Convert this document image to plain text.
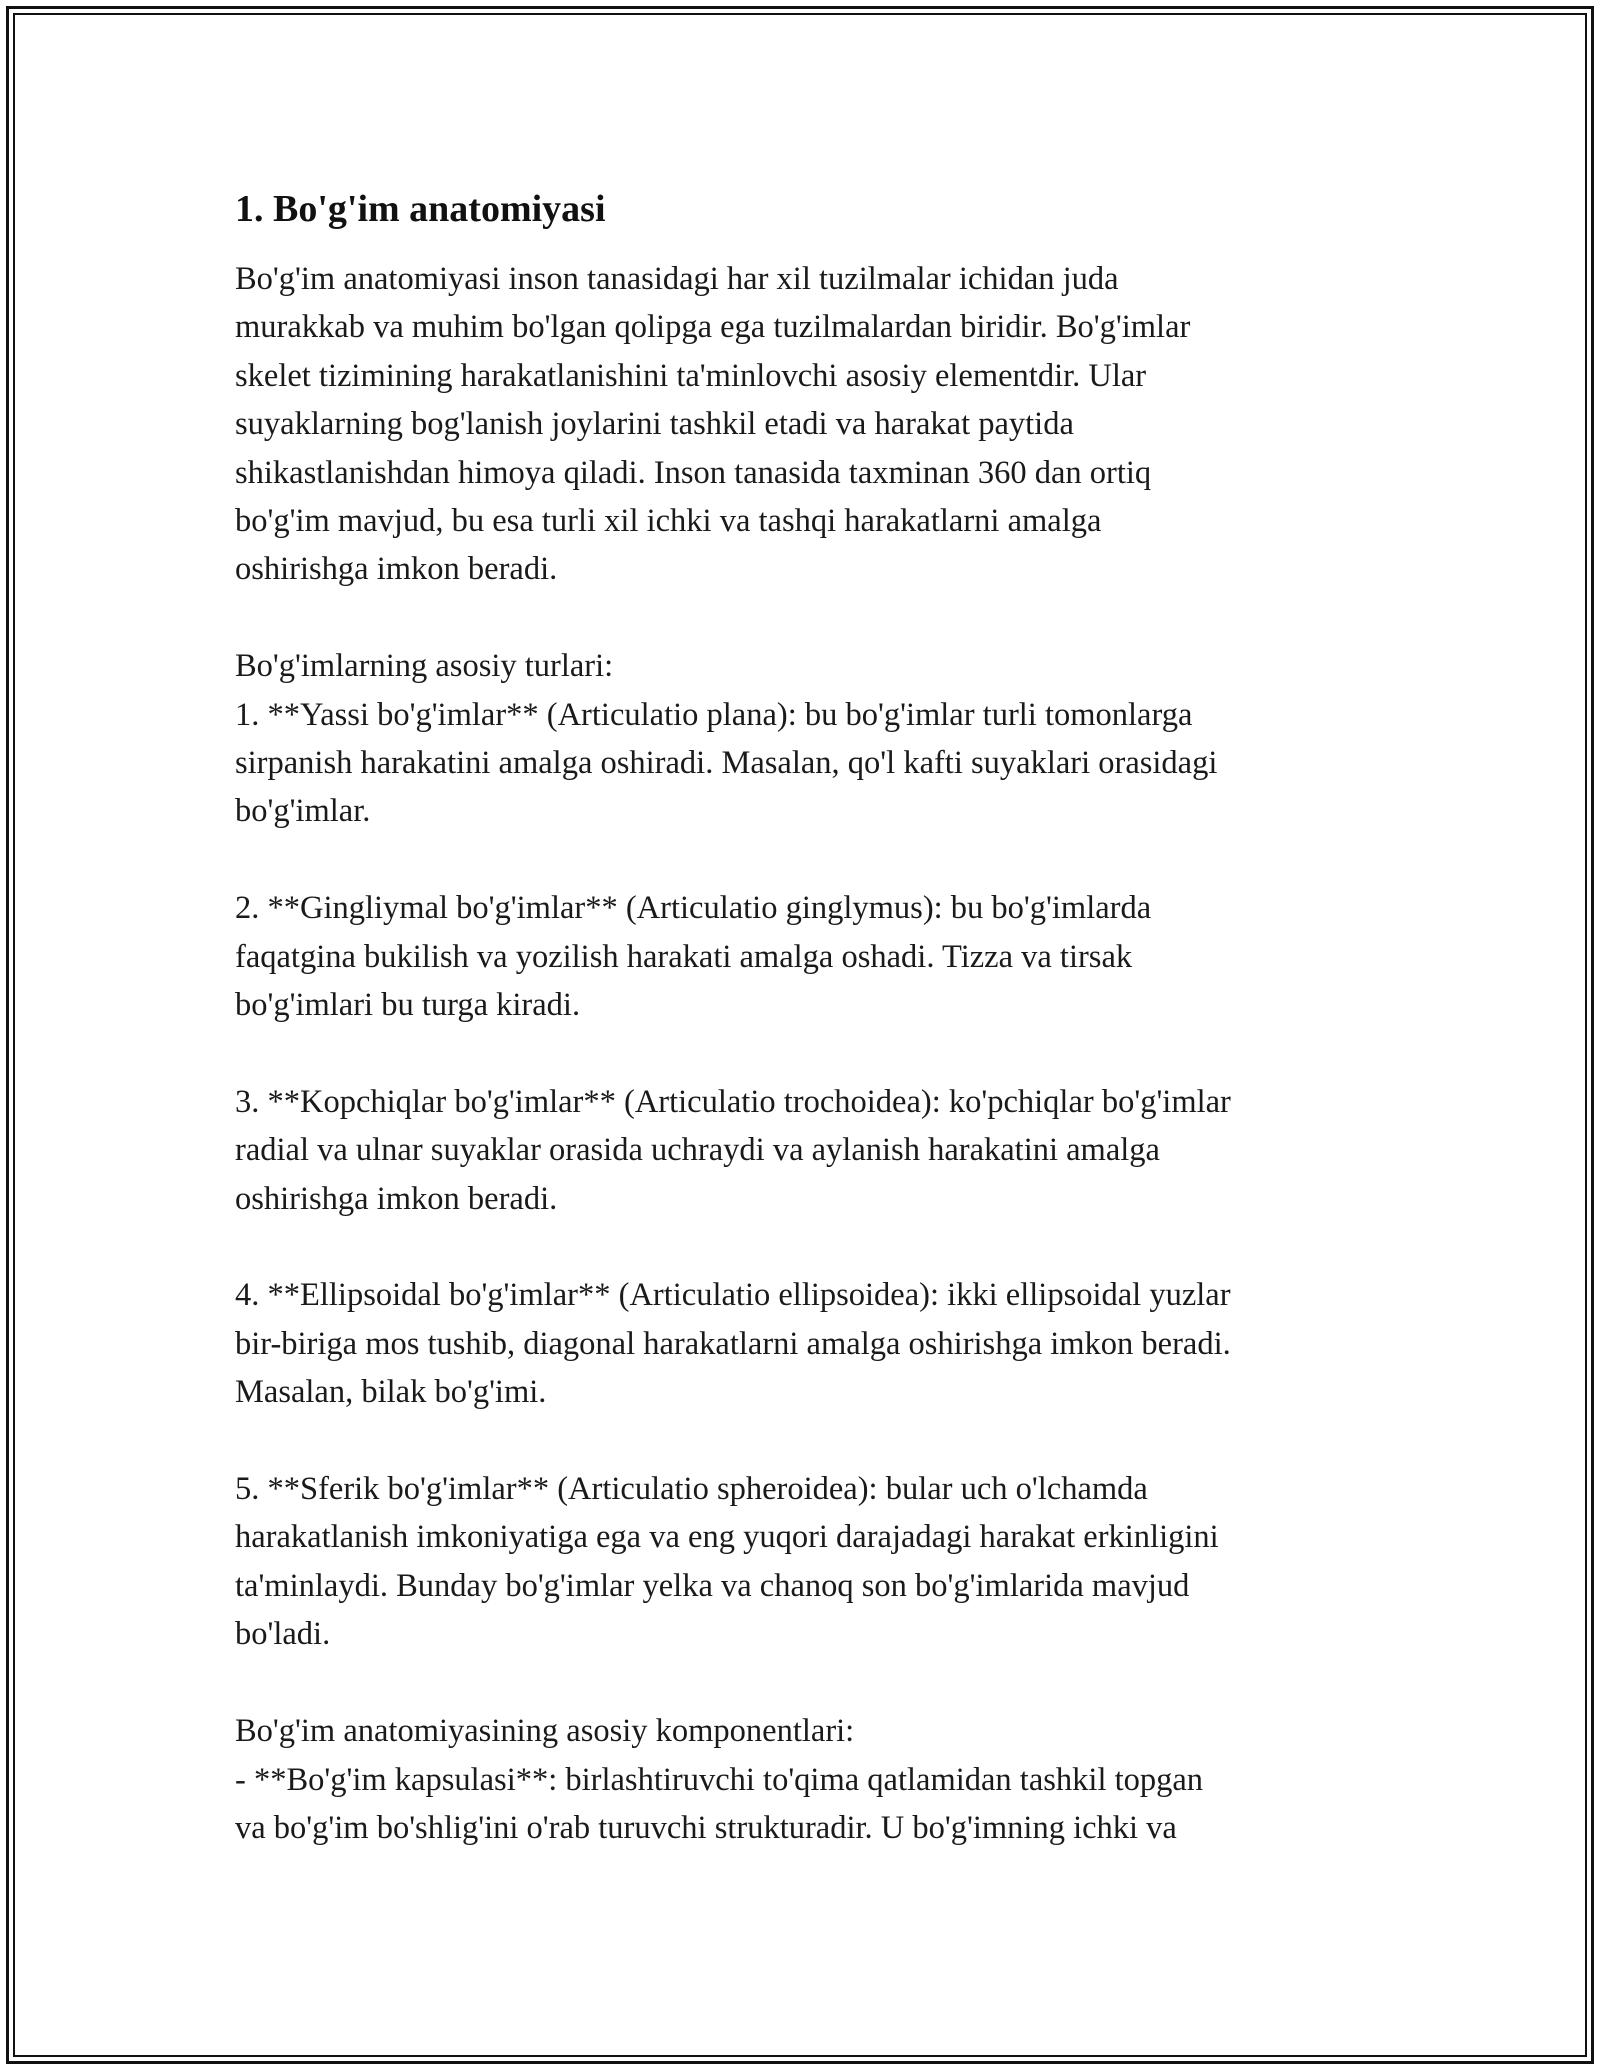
1. Bo'g'im anatomiyasi

Bo'g'im anatomiyasi inson tanasidagi har xil tuzilmalar ichidan juda
murakkab va muhim bo'lgan qolipga ega tuzilmalardan biridir. Bo'g'imlar
skelet tizimining harakatlanishini ta'minlovchi asosiy elementdir. Ular
suyaklarning bog'lanish joylarini tashkil etadi va harakat paytida
shikastlanishdan himoya qiladi. Inson tanasida taxminan 360 dan ortiq
bo'g'im mavjud, bu esa turli xil ichki va tashqi harakatlarni amalga
oshirishga imkon beradi.

Bo'g'imlarning asosiy turlari:
1. **Yassi bo'g'imlar** (Articulatio plana): bu bo'g'imlar turli tomonlarga
sirpanish harakatini amalga oshiradi. Masalan, qo'l kafti suyaklari orasidagi
bo'g'imlar.

2. **Gingliymal bo'g'imlar** (Articulatio ginglymus): bu bo'g'imlarda
faqatgina bukilish va yozilish harakati amalga oshadi. Tizza va tirsak
bo'g'imlari bu turga kiradi.

3. **Kopchiqlar bo'g'imlar** (Articulatio trochoidea): ko'pchiqlar bo'g'imlar
radial va ulnar suyaklar orasida uchraydi va aylanish harakatini amalga
oshirishga imkon beradi.

4. **Ellipsoidal bo'g'imlar** (Articulatio ellipsoidea): ikki ellipsoidal yuzlar
bir-biriga mos tushib, diagonal harakatlarni amalga oshirishga imkon beradi.
Masalan, bilak bo'g'imi.

5. **Sferik bo'g'imlar** (Articulatio spheroidea): bular uch o'lchamda
harakatlanish imkoniyatiga ega va eng yuqori darajadagi harakat erkinligini
ta'minlaydi. Bunday bo'g'imlar yelka va chanoq son bo'g'imlarida mavjud
bo'ladi.

Bo'g'im anatomiyasining asosiy komponentlari:
- **Bo'g'im kapsulasi**: birlashtiruvchi to'qima qatlamidan tashkil topgan
va bo'g'im bo'shlig'ini o'rab turuvchi strukturadir. U bo'g'imning ichki va
